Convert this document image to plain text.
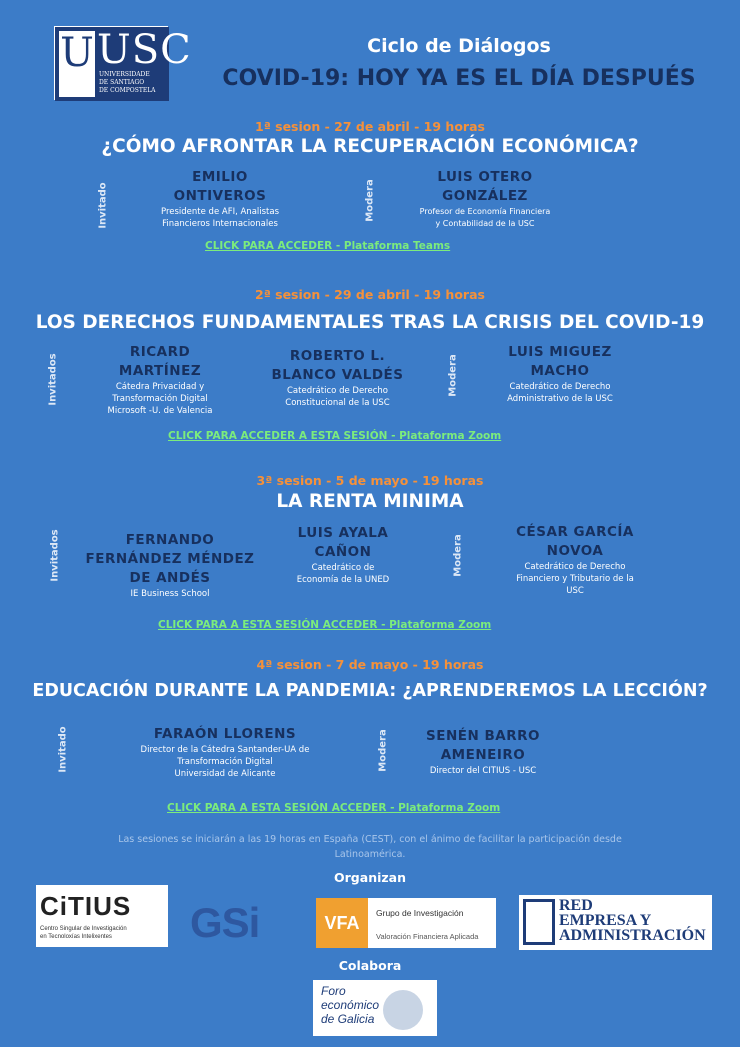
U USC
UNIVERSIDADE
DE SANTIAGO
DE COMPOSTELA
Ciclo de Diálogos
COVID-19: HOY YA ES EL DÍA DESPUÉS
1ª sesion - 27 de abril - 19 horas
¿CÓMO AFRONTAR LA RECUPERACIÓN ECONÓMICA?
Invitado
EMILIO
ONTIVEROS
Presidente de AFI, Analistas
Financieros Internacionales
Modera
LUIS OTERO
GONZÁLEZ
Profesor de Economía Financiera
y Contabilidad de la USC
CLICK PARA ACCEDER - Plataforma Teams
2ª sesion - 29 de abril - 19 horas
LOS DERECHOS FUNDAMENTALES TRAS LA CRISIS DEL COVID-19
Invitados
RICARD
MARTÍNEZ
Cátedra Privacidad y
Transformación Digital
Microsoft -U. de Valencia
ROBERTO L.
BLANCO VALDÉS
Catedrático de Derecho
Constitucional de la USC
Modera
LUIS MIGUEZ
MACHO
Catedrático de Derecho
Administrativo de la USC
CLICK PARA ACCEDER A ESTA SESIÓN - Plataforma Zoom
3ª sesion - 5 de mayo - 19 horas
LA RENTA MINIMA
Invitados	FERNANDO
FERNÁNDEZ MÉNDEZ
DE ANDÉS
IE Business School
LUIS AYALA
CAÑON
Catedrático de
Economía de la UNED
Modera
CÉSAR GARCÍA
NOVOA
Catedrático de Derecho
Financiero y Tributario de la
USC
CLICK PARA A ESTA SESIÓN ACCEDER - Plataforma Zoom
4ª sesion - 7 de mayo - 19 horas
EDUCACIÓN DURANTE LA PANDEMIA: ¿APRENDEREMOS LA LECCIÓN?
Invitado	FARAÓN LLORENS
Director de la Cátedra Santander-UA de
Transformación Digital
Universidad de Alicante
Modera	SENÉN BARRO
AMENEIRO
Director del CITIUS - USC
CLICK PARA A ESTA SESIÓN ACCEDER - Plataforma Zoom
Las sesiones se iniciarán a las 19 horas en España (CEST), con el ánimo de facilitar la participación desde
Latinoamérica.
Organizan
CiTIUS
Centro Singular de Investigación
en Tecnoloxías Intelixentes	GSi	VFA	Grupo de Investigación
Valoración Financiera Aplicada
RED
EMPRESA Y
ADMINISTRACIÓN
Colabora
Foro
económico
de Galicia
